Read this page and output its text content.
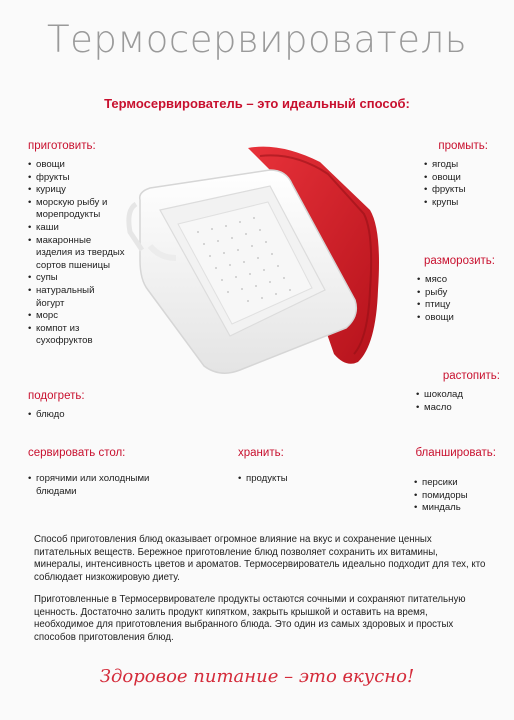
Термосервирователь
Термосервирователь – это идеальный способ:
приготовить:
• овощи
• фрукты
• курицу
• морскую рыбу и морепродукты
• каши
• макаронные изделия из твердых сортов пшеницы
• супы
• натуральный йогурт
• морс
• компот из сухофруктов
промыть:
• ягоды
• овощи
• фрукты
• крупы
разморозить:
• мясо
• рыбу
• птицу
• овощи
растопить:
• шоколад
• масло
подогреть:
• блюдо
сервировать стол:
• горячими или холодными блюдами
хранить:
• продукты
бланшировать:
• персики
• помидоры
• миндаль
Способ приготовления блюд оказывает огромное влияние на вкус и сохранение ценных питательных веществ. Бережное приготовление блюд позволяет сохранить их витамины, минералы, интенсивность цветов и ароматов. Термосервирователь идеально подходит для тех, кто соблюдает низкожировую диету.
Приготовленные в Термосервирователе продукты остаются сочными и сохраняют питательную ценность. Достаточно залить продукт кипятком, закрыть крышкой и оставить на время, необходимое для приготовления выбранного блюда. Это один из самых здоровых и простых способов приготовления блюд.
Здоровое питание – это вкусно!
